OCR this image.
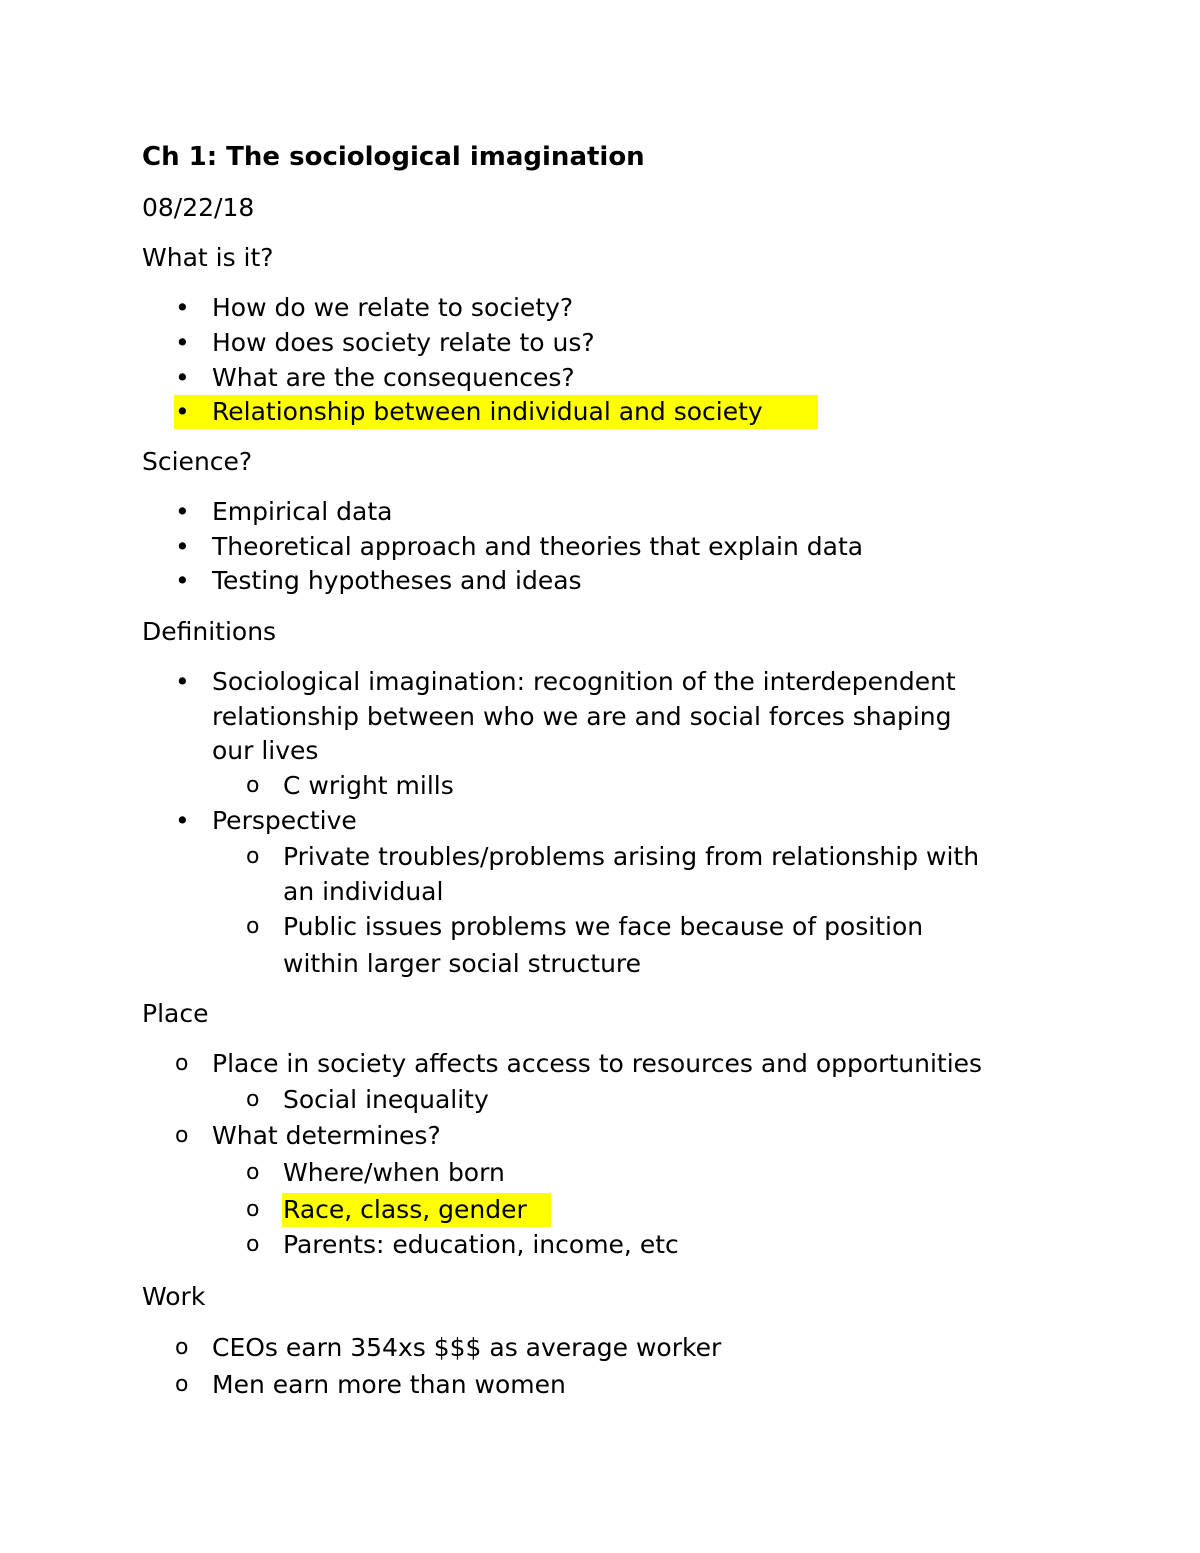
Ch 1: The sociological imagination
08/22/18
What is it?
• How do we relate to society?
• How does society relate to us?
• What are the consequences?
• Relationship between individual and society
Science?
• Empirical data
• Theoretical approach and theories that explain data
• Testing hypotheses and ideas
Definitions
• Sociological imagination: recognition of the interdependent
relationship between who we are and social forces shaping
our lives
o C wright mills
• Perspective
o Private troubles/problems arising from relationship with
an individual
o Public issues problems we face because of position
within larger social structure
Place
o Place in society affects access to resources and opportunities
o Social inequality
o What determines?
o Where/when born
o Race, class, gender
o Parents: education, income, etc
Work
o CEOs earn 354xs $$$ as average worker
o Men earn more than women
